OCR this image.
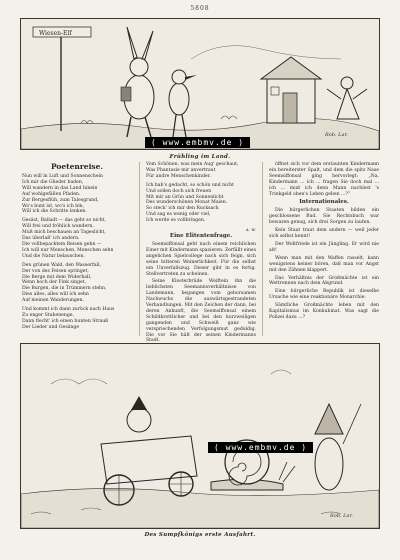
5808
Wiesen-Elf
Rob. Lar.
( www.embmv.de )
Frühling im Land.
Poetenreise.
Nun will in Luft und Sonnenschein
Ich mir die Glieder baden,
Will wandern in das Land hinein
Auf wohlgefällen Pfaden.
Zur Bergesflüh, zum Talesgrund,
Wo's bunt ist, wo's ich bin,
Will ich die Schritte lenken.
Gesäst, Balladt — das geht so nicht,
Will frei und fröhlich wandern,
Muß mich beschauen an Tageslicht,
Das überlaß' ich andern.
Die vollbepacktem Reisen gehn —
Ich will nur Menschen, Menschen sehn
Und die Natur belauschen.
Den grünen Wald, den Wasserfall,
Der von des Felsen springet,
Die Berge mit dem Widerhall,
Wenn hoch der Fink singet,
Die Burgen, die in Trümmern stehn,
Dies alles, alles will ich sehn
Auf meinen Wanderungen.
Und kommt ich dann zurück nach Haus
Zu enger Stubenenge,
Dann flecht' ich einen bunten Strauß
Der Lieder und Gesänge
Vom Schönen, was mein Aug' geschaut,
Was Phantasie mir anvertraut
Für andre Menschenkinder.
Ich hab's gedacht, so schön und nicht
Und sollen doch sich freuen
Mit mir an Grün und Sonnenlicht
Des wunderschönen Monat Maien.
So steck' ich mir den Rucksack
Und sag es wenig oder viel,
Ich werde es vollbringen.
A. W.
Eine Elitentenfrage.
Seemsiffonsal geht nach einem reichlichen Einer mit Kindermann spazieren. Zerfällt eines angelichen Spielcollege nach sich feign, sich seine bitteren Weinerlichkeit. Für die selbst ein Unverfallszug. Dieser gibt in es fertig. Stellvertreten zu scheinen.
Seine Klosterbrüde Weiftein ihn die lieblichsten Seemannsverhältnisse von Landemann, begangen vom gehorsamen Nachwuchs die auswärtsgestrandeten Verhandlungen. Mit den Zeichen der dann, bei deren Ankunft, die Seemsiffonsal einem Schildkrottlicher und bei den kurzweiligen gangenden und Schweiß ganz wie verspriechenden Verfolgungsmut geduldig. Die vor Sie hält der seinen Kindermanns Stadt.
öffnet sich vor dem erstaunten Kindermann ein bereiterster Spalt, und dem die spitz Nase Seemsiffonsal ging hervorlegt: „Na, Kindermann ... ich ... fragen Sie doch mal ... ich ... muß ich denn Mann nachlest 's Trinkgeld oben's Leben geben ...?“
Internationales.
Die bürgerlichen Staaten bilden ein geschlossene Bud. Sie Rechtsbuch war bewaren genug, sich drei Sorgen zu laufen.
Kein Staat traut dem andern — weil jeder sich selbst kennt!
Der Weltfriede ist ein Jüngling. Er wird nie alt!
Wenn man mit den Waffen rasselt, kann wenigstens keiner hören, daß man vor Angst mit den Zähnen klappert.
Das Verhältnis der Großmächte ist ein Wettrennen nach dem Abgrund.
Eine bürgerliche Republik ist dieselbe Ursache wie eine reaktionäre Monarchie.
Sämtliche Großmächte leben mit den Kapitalismus im Konkubinat. Was sagt die Polizei dazu ...?
( www.embmv.de )
Rob. Lar.
Des Sumpfkönigs erste Ausfahrt.
